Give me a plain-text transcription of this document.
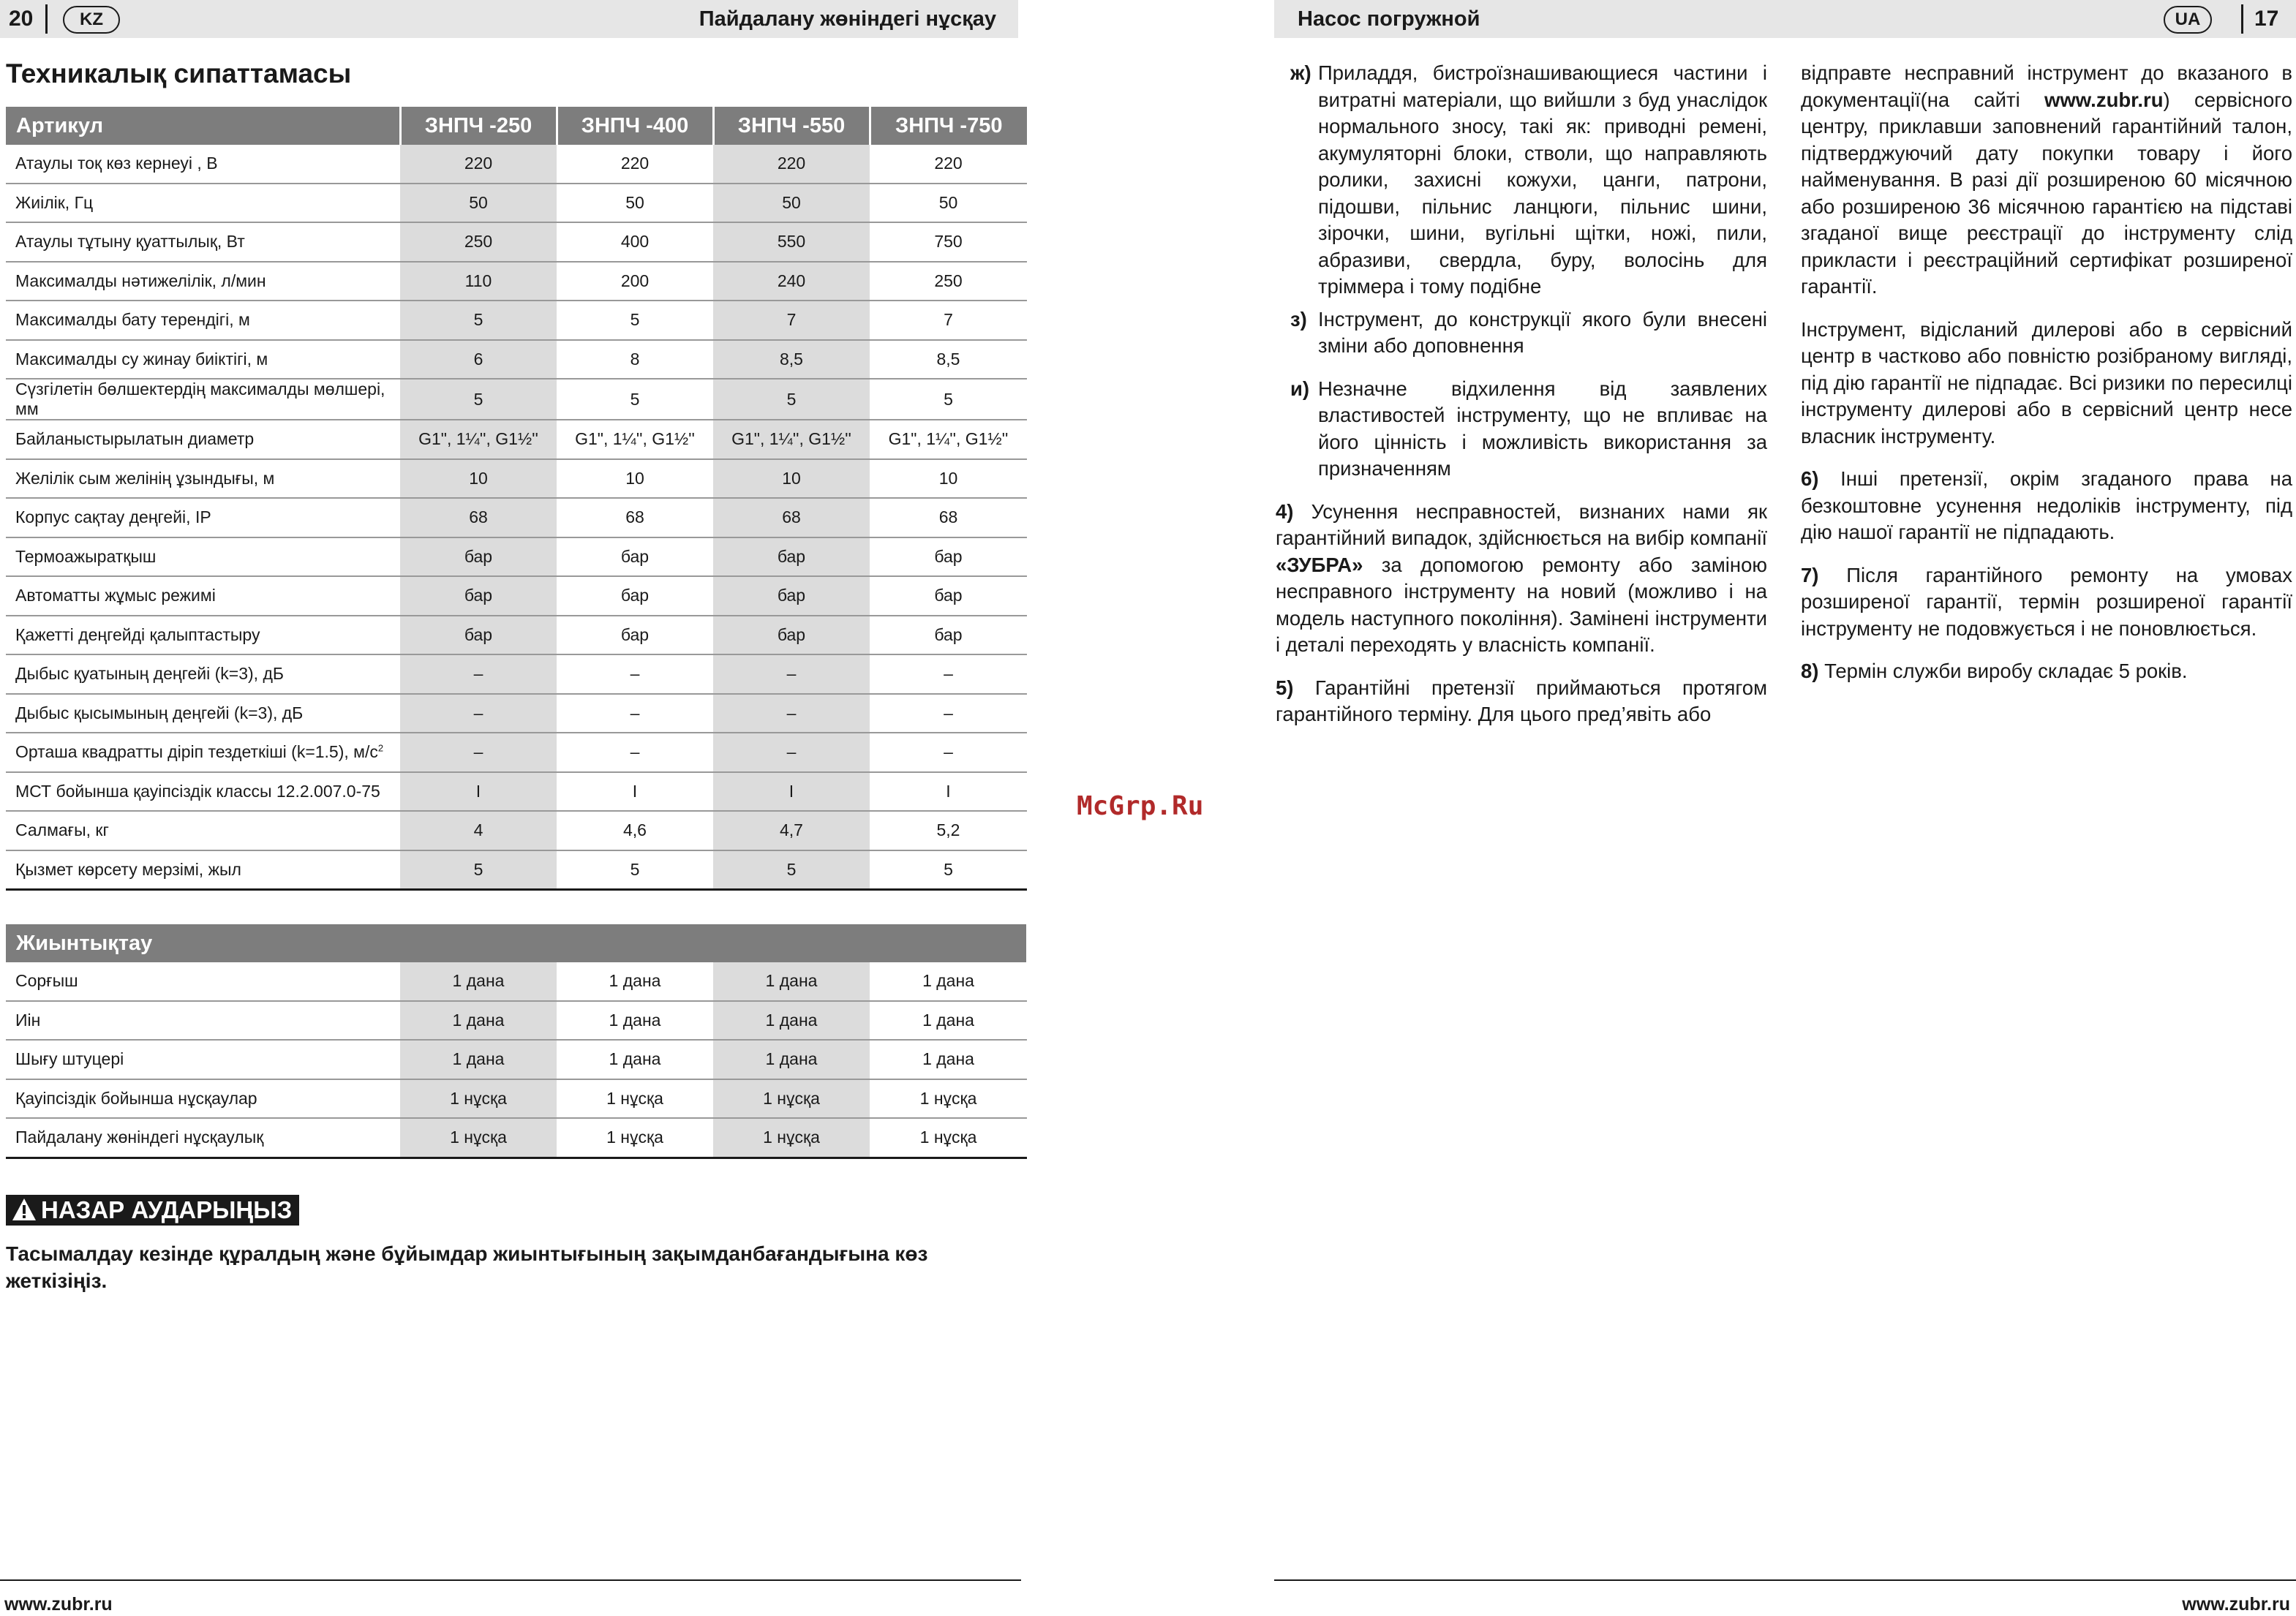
20	KZ	Пайдалану жөніндегі нұсқау	Насос погружной	UA	17
Техникалық сипаттамасы
Артикул	ЗНПЧ -250	ЗНПЧ -400	ЗНПЧ -550	ЗНПЧ -750
Атаулы тоқ көз кернеуі , В	220	220	220	220
Жиілік, Гц	50	50	50	50
Атаулы тұтыну қуаттылық, Вт	250	400	550	750
Максималды нәтижелілік, л/мин	110	200	240	250
Максималды бату терендігі, м	5	5	7	7
Максималды су жинау биіктігі, м	6	8	8,5	8,5
Сүзгілетін бөлшектердің максималды мөлшері, мм	5	5	5	5
Байланыстырылатын диаметр	G1", 1¼'', G1½''	G1", 1¼'', G1½''	G1", 1¼'', G1½''	G1", 1¼'', G1½''
Желілік сым желінің ұзындығы, м	10	10	10	10
Корпус сақтау деңгейі, IP	68	68	68	68
Термоажыратқыш	бар	бар	бар	бар
Автоматты жұмыс режимі	бар	бар	бар	бар
Қажетті деңгейді қалыптастыру	бар	бар	бар	бар
Дыбыс қуатының деңгейі (k=3), дБ	–	–	–	–
Дыбыс қысымының деңгейі (k=3), дБ	–	–	–	–
Орташа квадратты діріп тездеткіші (k=1.5), $м/с^2$	–	–	–	–
МСТ бойынша қауіпсіздік классы 12.2.007.0-75	I	I	I	I
Салмағы, кг	4	4,6	4,7	5,2
Қызмет көрсету мерзімі, жыл	5	5	5	5
Жиынтықтау				
Сорғыш	1 дана	1 дана	1 дана	1 дана
Иін	1 дана	1 дана	1 дана	1 дана
Шығу штуцері	1 дана	1 дана	1 дана	1 дана
Қауіпсіздік бойынша нұсқаулар	1 нұсқа	1 нұсқа	1 нұсқа	1 нұсқа
Пайдалану жөніндегі нұсқаулық	1 нұсқа	1 нұсқа	1 нұсқа	1 нұсқа
НАЗАР АУДАРЫҢЫЗ
Тасымалдау кезінде құралдың және бұйымдар жиынтығының зақымданбағандығына көз жеткізіңіз.
McGrp.Ru
ж) Приладдя, бистроїзнашивающиеся частини і витратні матеріали, що вийшли з буд унаслідок нормального зносу, такі як: приводні ремені, акумуляторні блоки, стволи, що направляють ролики, захисні кожухи, цанги, патрони, підошви, пільнис ланцюги, пільнис шини, зірочки, шини, вугільні щітки, ножі, пили, абразиви, свердла, буру, волосінь для тріммера і тому подібне

з) Інструмент, до конструкції якого були внесені зміни або доповнення

и) Незначне відхилення від заявлених властивостей інструменту, що не впливає на його цінність і можливість використання за призначенням

4) Усунення несправностей, визнаних нами як гарантійний випадок, здійснюється на вибір компанії «ЗУБРА» за допомогою ремонту або заміною несправного інструменту на новий (можливо і на модель наступного покоління). Замінені інструменти і деталі переходять у власність компанії.

5) Гарантійні претензії приймаються протягом гарантійного терміну. Для цього пред’явіть або

відправте несправний інструмент до вказаного в документації(на сайті www.zubr.ru) сервісного центру, приклавши заповнений гарантійний талон, підтверджуючий дату покупки товару і його найменування. В разі дії розширеною 60 місячною або розширеною 36 місячною гарантією на підставі згаданої вище реєстрації до інструменту слід прикласти і реєстраційний сертифікат розширеної гарантії.

Інструмент, відісланий дилерові або в сервісний центр в частково або повністю розібраному вигляді, під дію гарантії не підпадає. Всі ризики по пересилці інструменту дилерові або в сервісний центр несе власник інструменту.

6) Інші претензії, окрім згаданого права на безкоштовне усунення недоліків інструменту, під дію нашої гарантії не підпадають.

7) Після гарантійного ремонту на умовах розширеної гарантії, термін розширеної гарантії інструменту не подовжується і не поновлюється.

8) Термін служби виробу складає 5 років.

www.zubr.ru	www.zubr.ru
